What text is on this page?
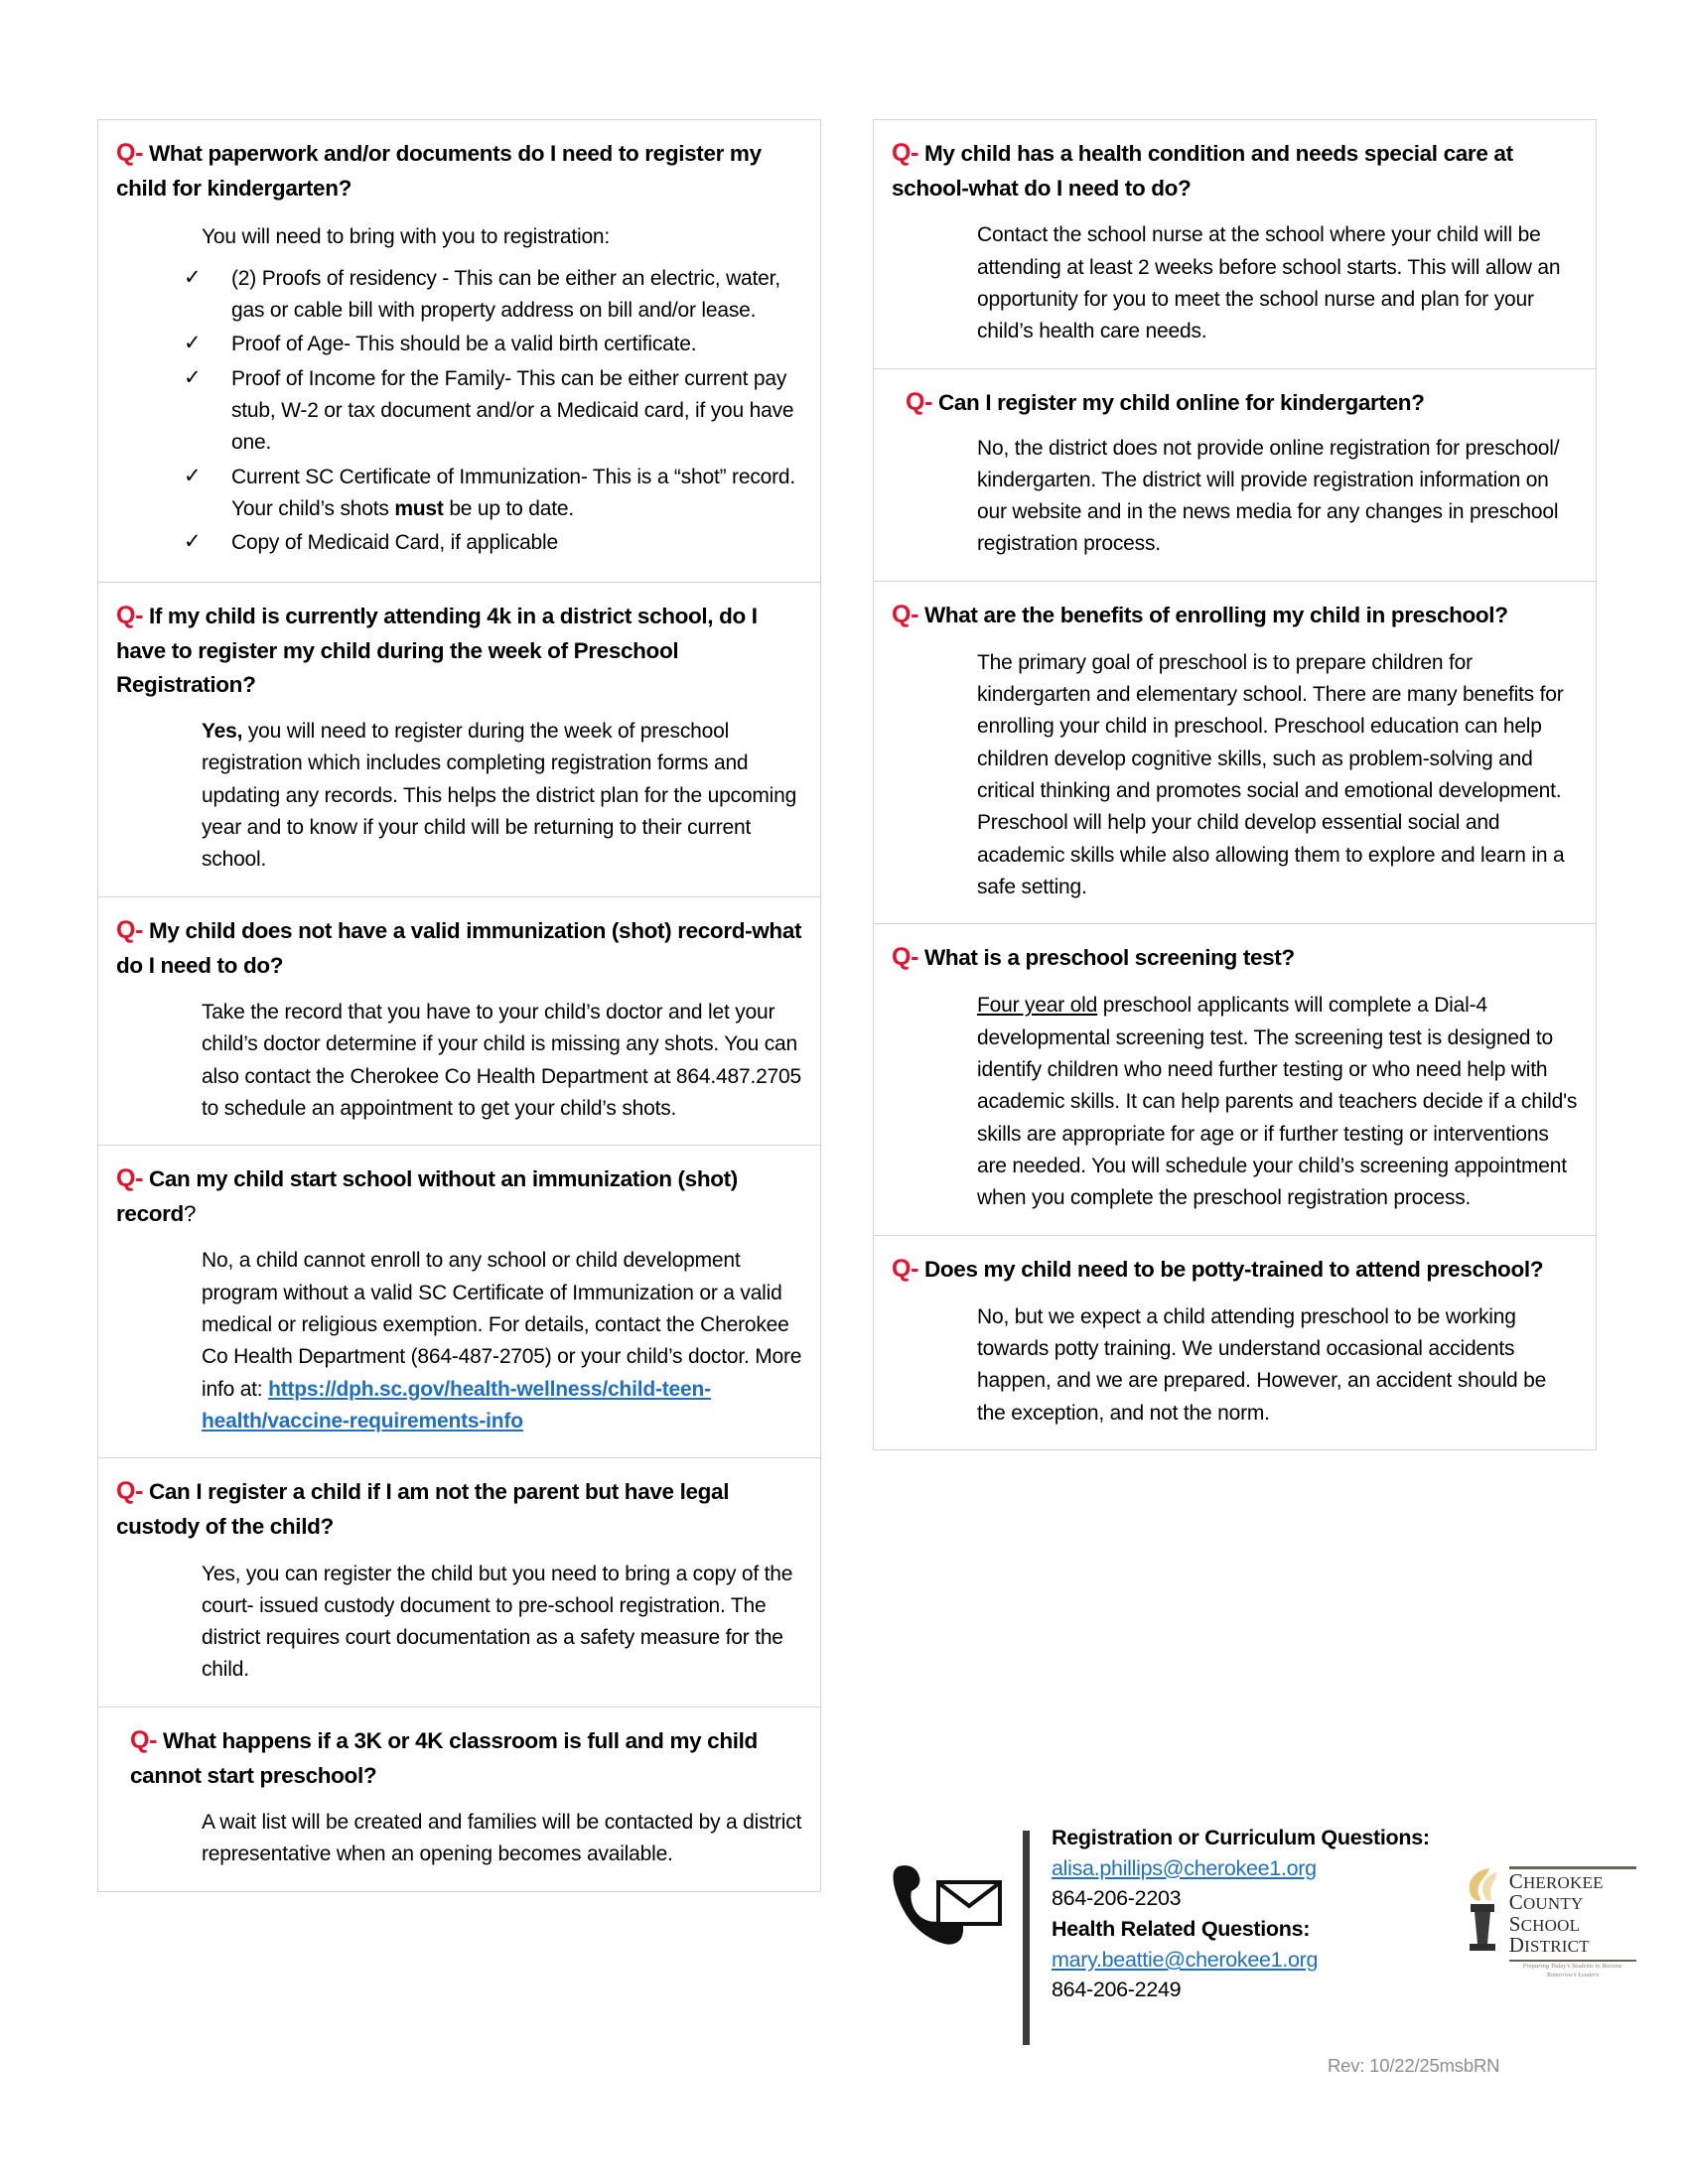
Q- What paperwork and/or documents do I need to register my child for kindergarten?
You will need to bring with you to registration:
✓ (2) Proofs of residency - This can be either an electric, water, gas or cable bill with property address on bill and/or lease.
✓ Proof of Age- This should be a valid birth certificate.
✓ Proof of Income for the Family- This can be either current pay stub, W-2 or tax document and/or a Medicaid card, if you have one.
✓ Current SC Certificate of Immunization- This is a “shot” record. Your child’s shots must be up to date.
✓ Copy of Medicaid Card, if applicable
Q- If my child is currently attending 4k in a district school, do I have to register my child during the week of Preschool Registration?
Yes, you will need to register during the week of preschool registration which includes completing registration forms and updating any records. This helps the district plan for the upcoming year and to know if your child will be returning to their current school.
Q- My child does not have a valid immunization (shot) record-what do I need to do?
Take the record that you have to your child’s doctor and let your child’s doctor determine if your child is missing any shots. You can also contact the Cherokee Co Health Department at 864.487.2705 to schedule an appointment to get your child’s shots.
Q- Can my child start school without an immunization (shot) record?
No, a child cannot enroll to any school or child development program without a valid SC Certificate of Immunization or a valid medical or religious exemption. For details, contact the Cherokee Co Health Department (864-487-2705) or your child’s doctor. More info at: https://dph.sc.gov/health-wellness/child-teen-health/vaccine-requirements-info
Q- Can I register a child if I am not the parent but have legal custody of the child?
Yes, you can register the child but you need to bring a copy of the court- issued custody document to pre-school registration. The district requires court documentation as a safety measure for the child.
Q- What happens if a 3K or 4K classroom is full and my child cannot start preschool?
A wait list will be created and families will be contacted by a district representative when an opening becomes available.
Q- My child has a health condition and needs special care at school-what do I need to do?
Contact the school nurse at the school where your child will be attending at least 2 weeks before school starts. This will allow an opportunity for you to meet the school nurse and plan for your child’s health care needs.
Q- Can I register my child online for kindergarten?
No, the district does not provide online registration for preschool/ kindergarten. The district will provide registration information on our website and in the news media for any changes in preschool registration process.
Q- What are the benefits of enrolling my child in preschool?
The primary goal of preschool is to prepare children for kindergarten and elementary school. There are many benefits for enrolling your child in preschool. Preschool education can help children develop cognitive skills, such as problem-solving and critical thinking and promotes social and emotional development. Preschool will help your child develop essential social and academic skills while also allowing them to explore and learn in a safe setting.
Q- What is a preschool screening test?
Four year old preschool applicants will complete a Dial-4 developmental screening test. The screening test is designed to identify children who need further testing or who need help with academic skills. It can help parents and teachers decide if a child's skills are appropriate for age or if further testing or interventions are needed. You will schedule your child’s screening appointment when you complete the preschool registration process.
Q- Does my child need to be potty-trained to attend preschool?
No, but we expect a child attending preschool to be working towards potty training. We understand occasional accidents happen, and we are prepared. However, an accident should be the exception, and not the norm.
Registration or Curriculum Questions:
alisa.phillips@cherokee1.org
864-206-2203
Health Related Questions:
mary.beattie@cherokee1.org
864-206-2249
CHEROKEE
COUNTY
SCHOOL
DISTRICT
Preparing Today’s Students to Become Tomorrow’s Leaders
Rev: 10/22/25msbRN
